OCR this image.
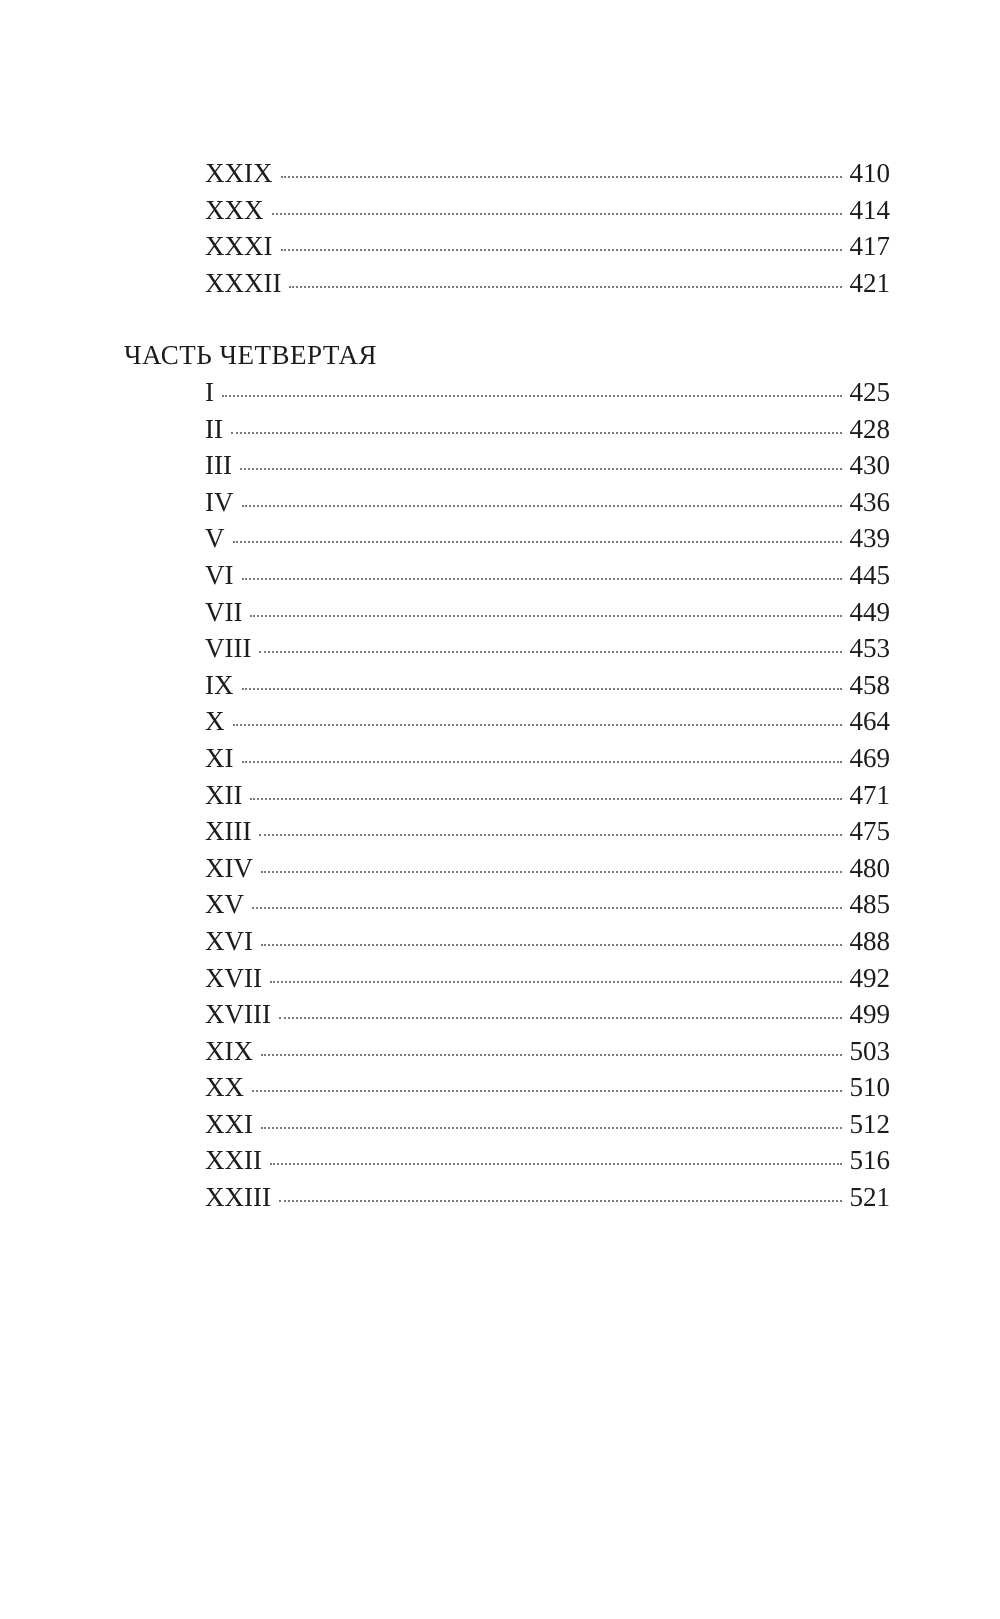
XXIX	410
XXX	414
XXXI	417
XXXII	421
ЧАСТЬ ЧЕТВЕРТАЯ
I	425
II	428
III	430
IV	436
V	439
VI	445
VII	449
VIII	453
IX	458
X	464
XI	469
XII	471
XIII	475
XIV	480
XV	485
XVI	488
XVII	492
XVIII	499
XIX	503
XX	510
XXI	512
XXII	516
XXIII	521
